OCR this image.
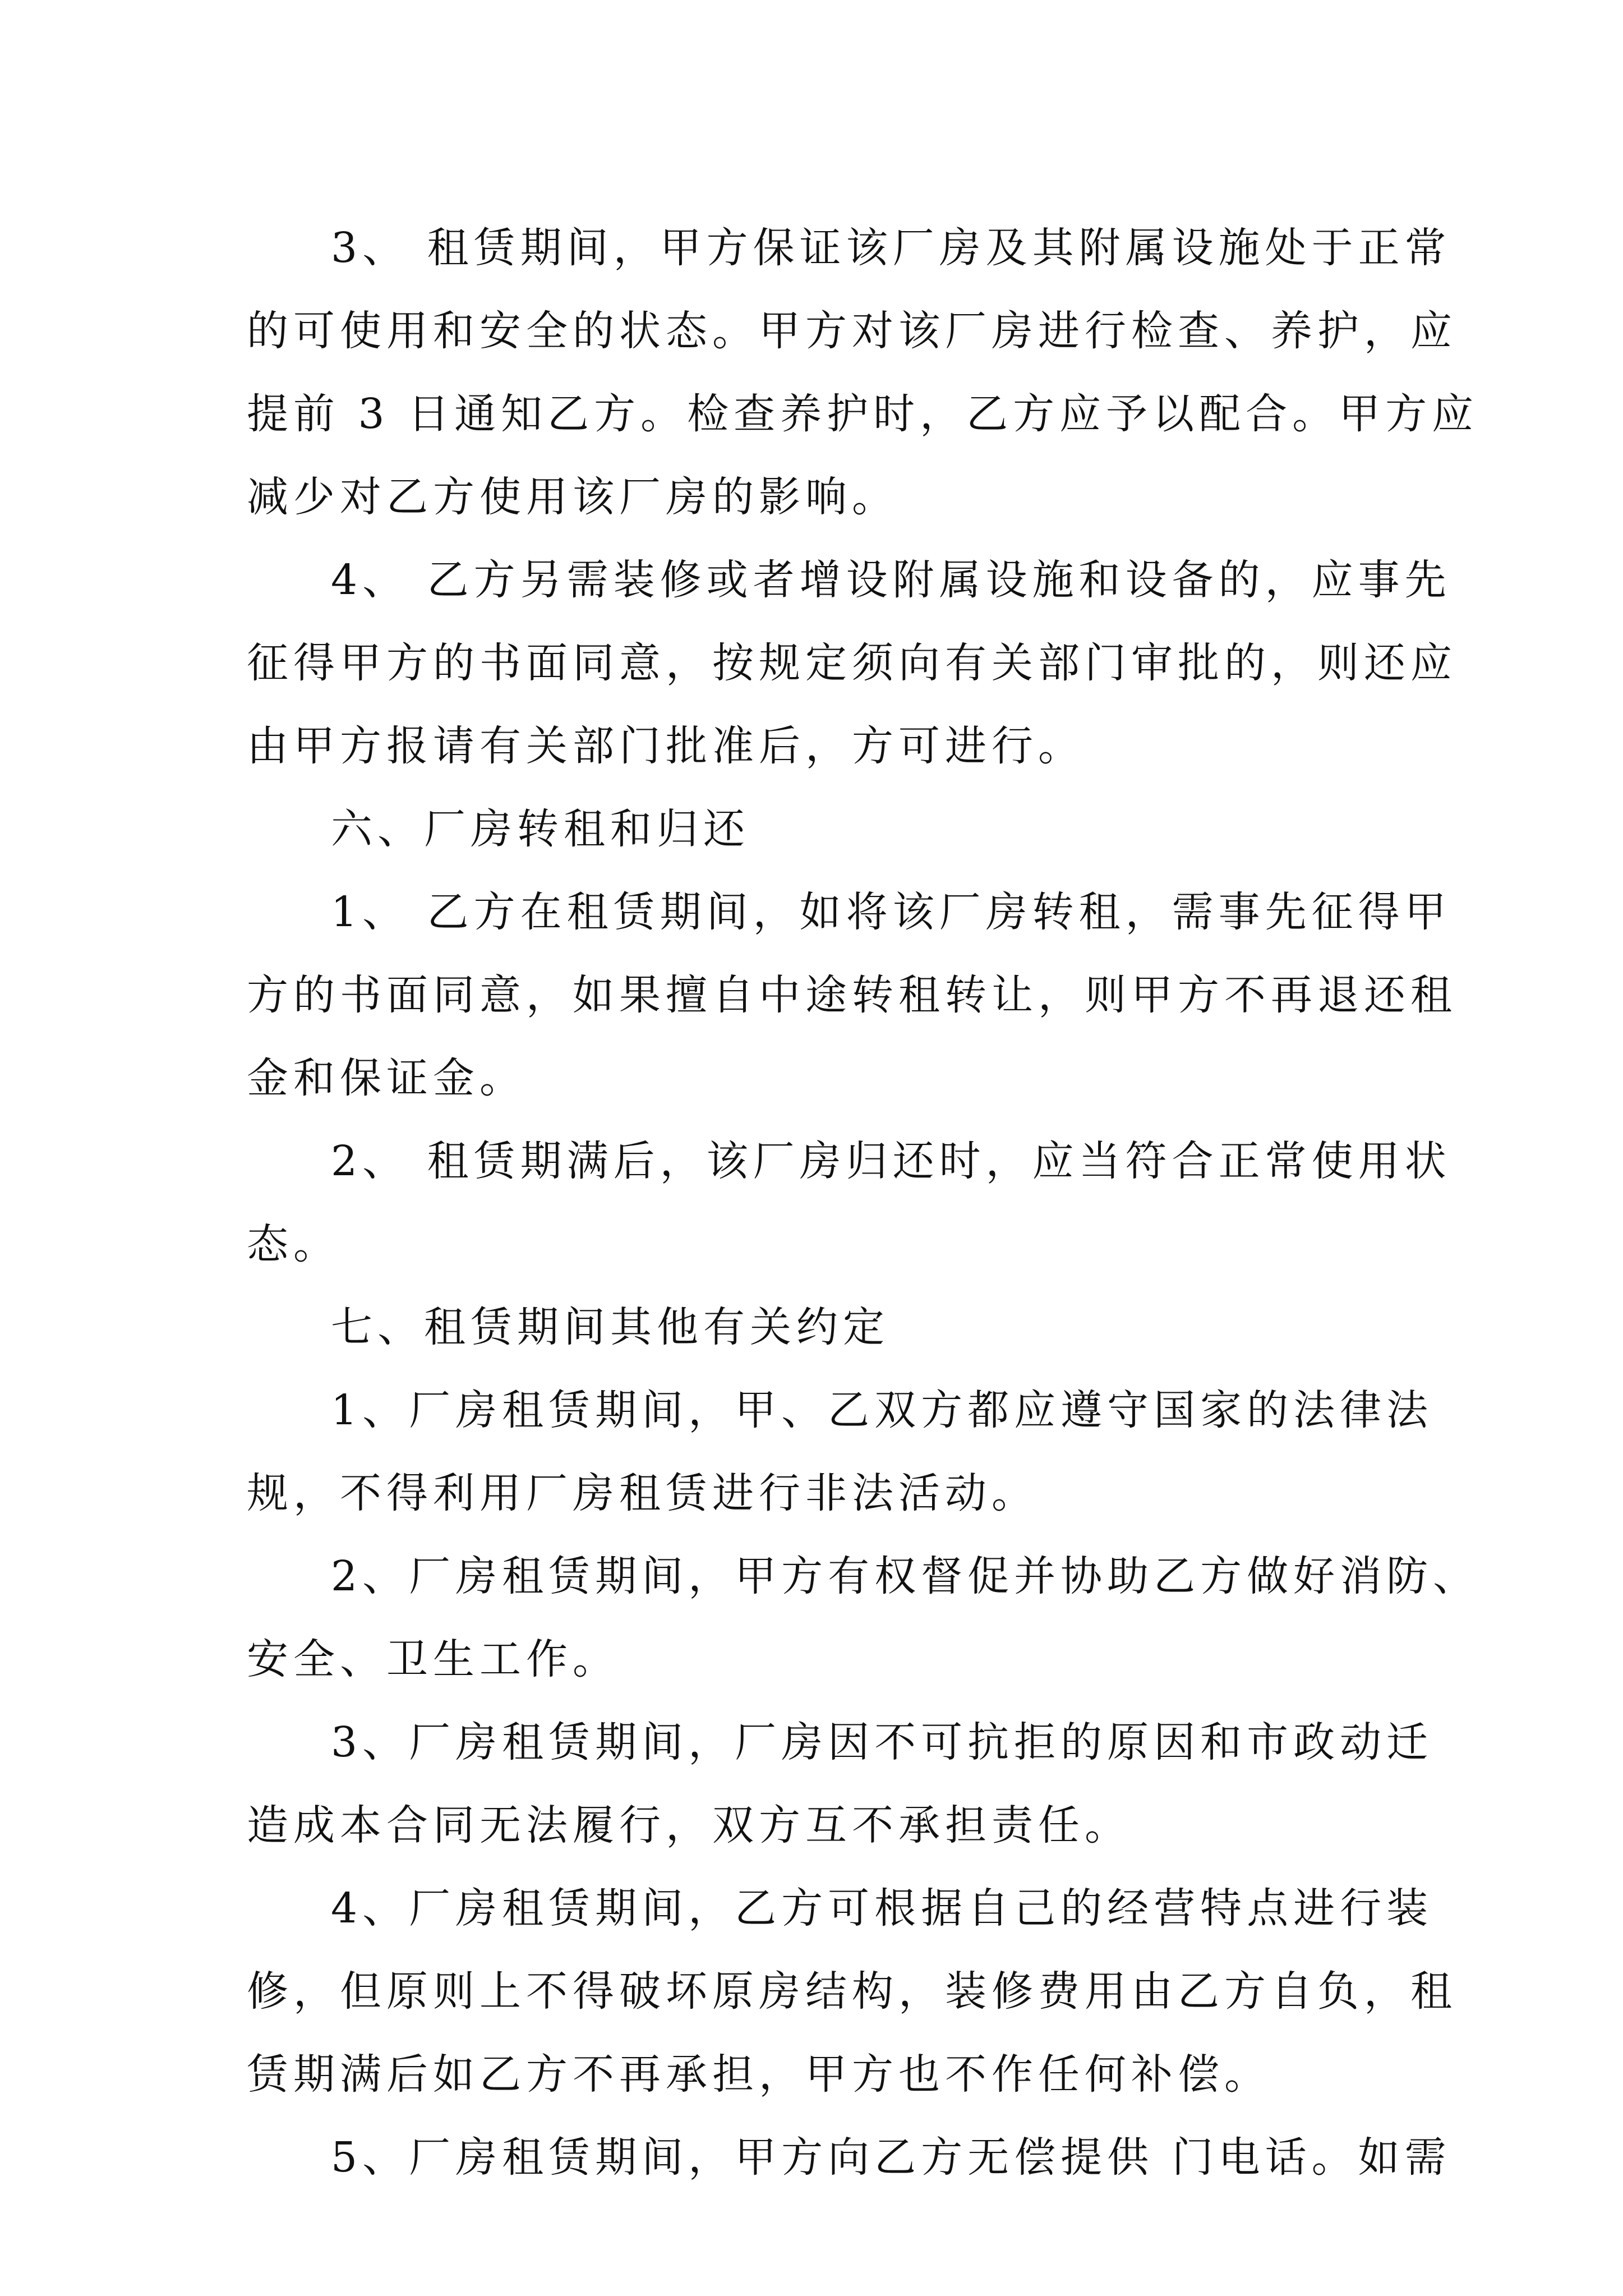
3、 租赁期间，甲方保证该厂房及其附属设施处于正常
的可使用和安全的状态。甲方对该厂房进行检查、养护，应
提前 3 日通知乙方。检查养护时，乙方应予以配合。甲方应
减少对乙方使用该厂房的影响。
4、 乙方另需装修或者增设附属设施和设备的，应事先
征得甲方的书面同意，按规定须向有关部门审批的，则还应
由甲方报请有关部门批准后，方可进行。
六、厂房转租和归还
1、 乙方在租赁期间，如将该厂房转租，需事先征得甲
方的书面同意，如果擅自中途转租转让，则甲方不再退还租
金和保证金。
2、 租赁期满后，该厂房归还时，应当符合正常使用状
态。
七、租赁期间其他有关约定
1、厂房租赁期间，甲、乙双方都应遵守国家的法律法
规，不得利用厂房租赁进行非法活动。
2、厂房租赁期间，甲方有权督促并协助乙方做好消防、
安全、卫生工作。
3、厂房租赁期间，厂房因不可抗拒的原因和市政动迁
造成本合同无法履行，双方互不承担责任。
4、厂房租赁期间，乙方可根据自己的经营特点进行装
修，但原则上不得破坏原房结构，装修费用由乙方自负，租
赁期满后如乙方不再承担，甲方也不作任何补偿。
5、厂房租赁期间，甲方向乙方无偿提供 门电话。如需
